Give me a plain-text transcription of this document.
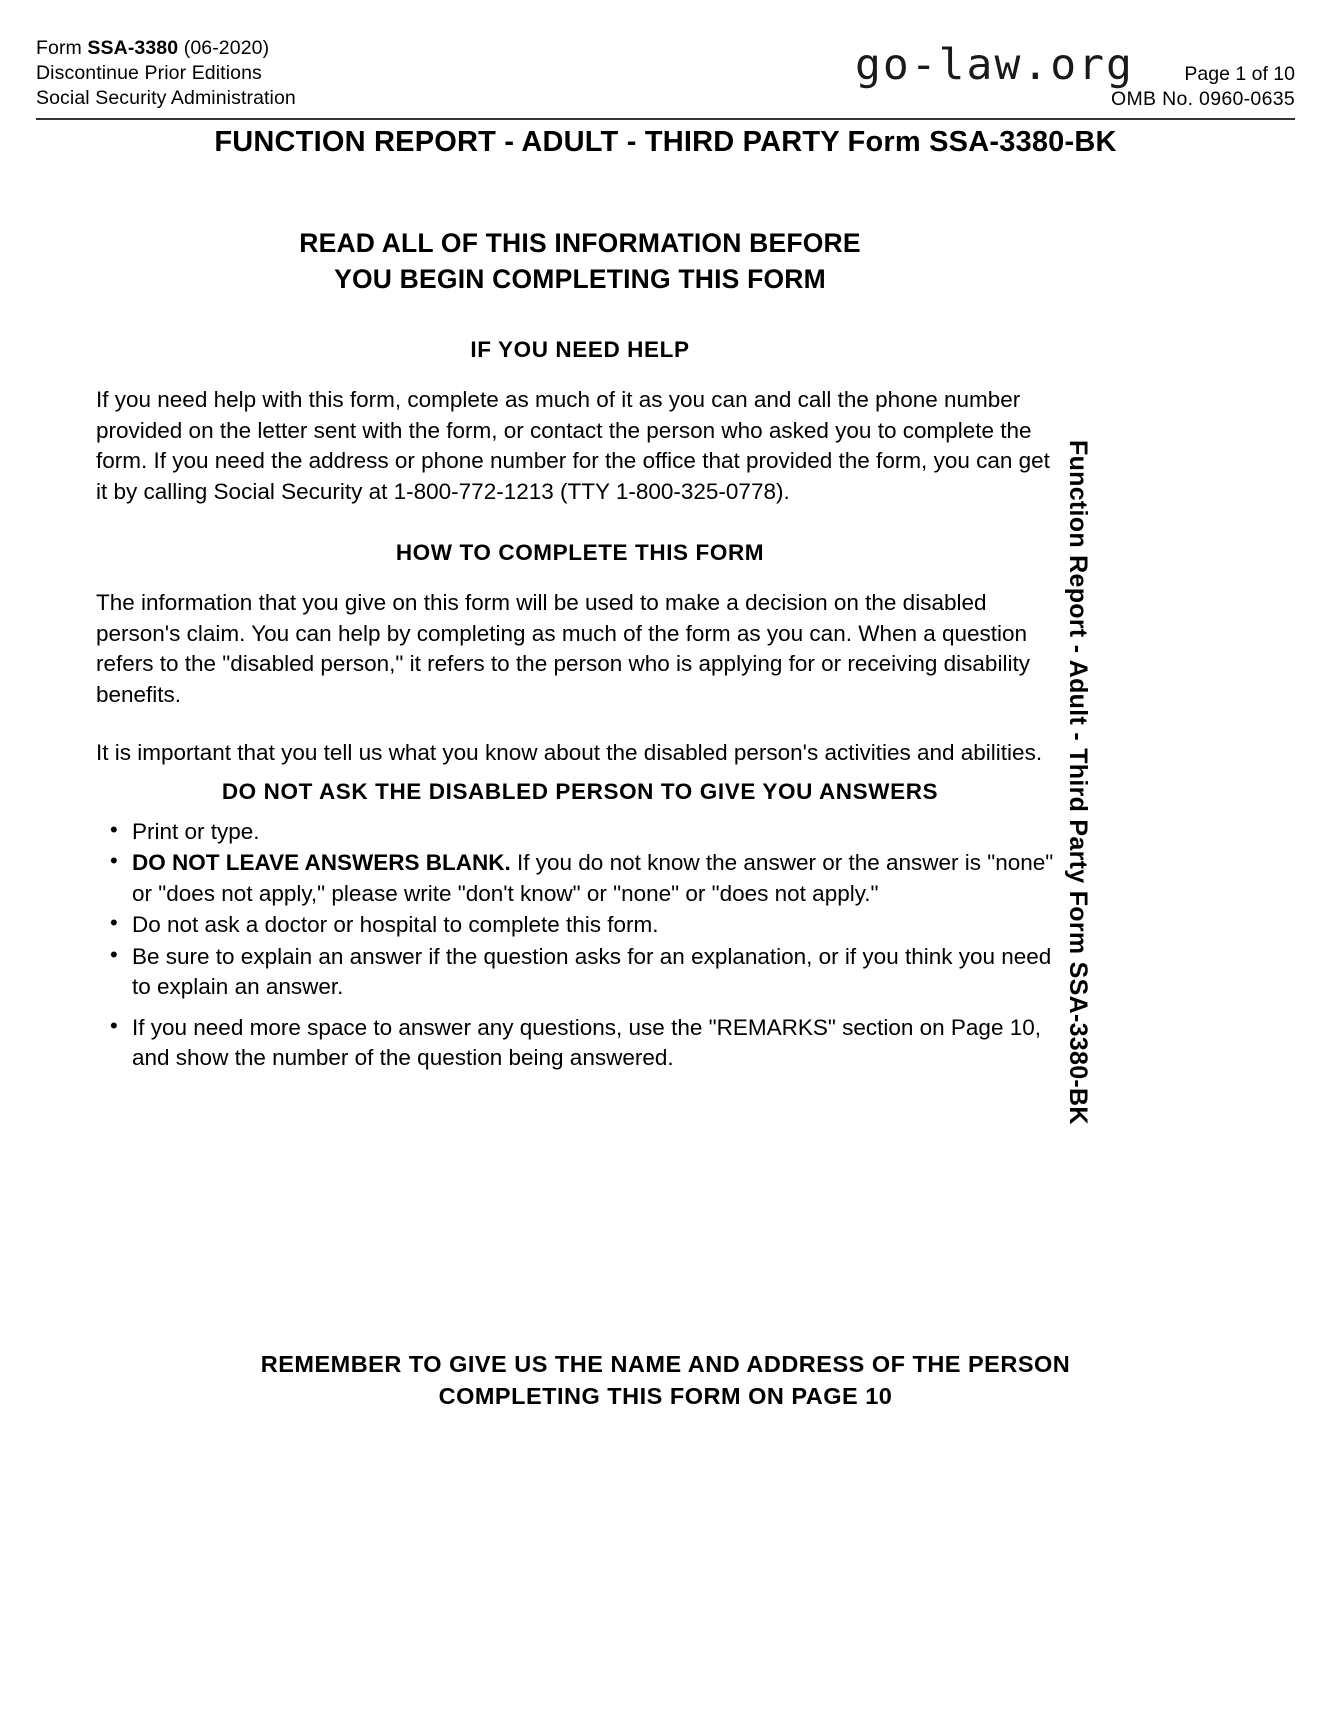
Form SSA-3380 (06-2020)
Discontinue Prior Editions
Social Security Administration
Page 1 of 10
OMB No. 0960-0635
go-law.org
FUNCTION REPORT - ADULT - THIRD PARTY Form SSA-3380-BK
READ ALL OF THIS INFORMATION BEFORE
YOU BEGIN COMPLETING THIS FORM
IF YOU NEED HELP
If you need help with this form, complete as much of it as you can and call the phone number provided on the letter sent with the form, or contact the person who asked you to complete the form. If you need the address or phone number for the office that provided the form, you can get it by calling Social Security at 1-800-772-1213 (TTY 1-800-325-0778).
HOW TO COMPLETE THIS FORM
The information that you give on this form will be used to make a decision on the disabled person's claim. You can help by completing as much of the form as you can. When a question refers to the "disabled person," it refers to the person who is applying for or receiving disability benefits.
It is important that you tell us what you know about the disabled person's activities and abilities.
DO NOT ASK THE DISABLED PERSON TO GIVE YOU ANSWERS
• Print or type.
• DO NOT LEAVE ANSWERS BLANK. If you do not know the answer or the answer is "none" or "does not apply," please write "don't know" or "none" or "does not apply."
• Do not ask a doctor or hospital to complete this form.
• Be sure to explain an answer if the question asks for an explanation, or if you think you need to explain an answer.
• If you need more space to answer any questions, use the "REMARKS" section on Page 10, and show the number of the question being answered.	Function Report - Adult - Third Party Form SSA-3380-BK
REMEMBER TO GIVE US THE NAME AND ADDRESS OF THE PERSON
COMPLETING THIS FORM ON PAGE 10
